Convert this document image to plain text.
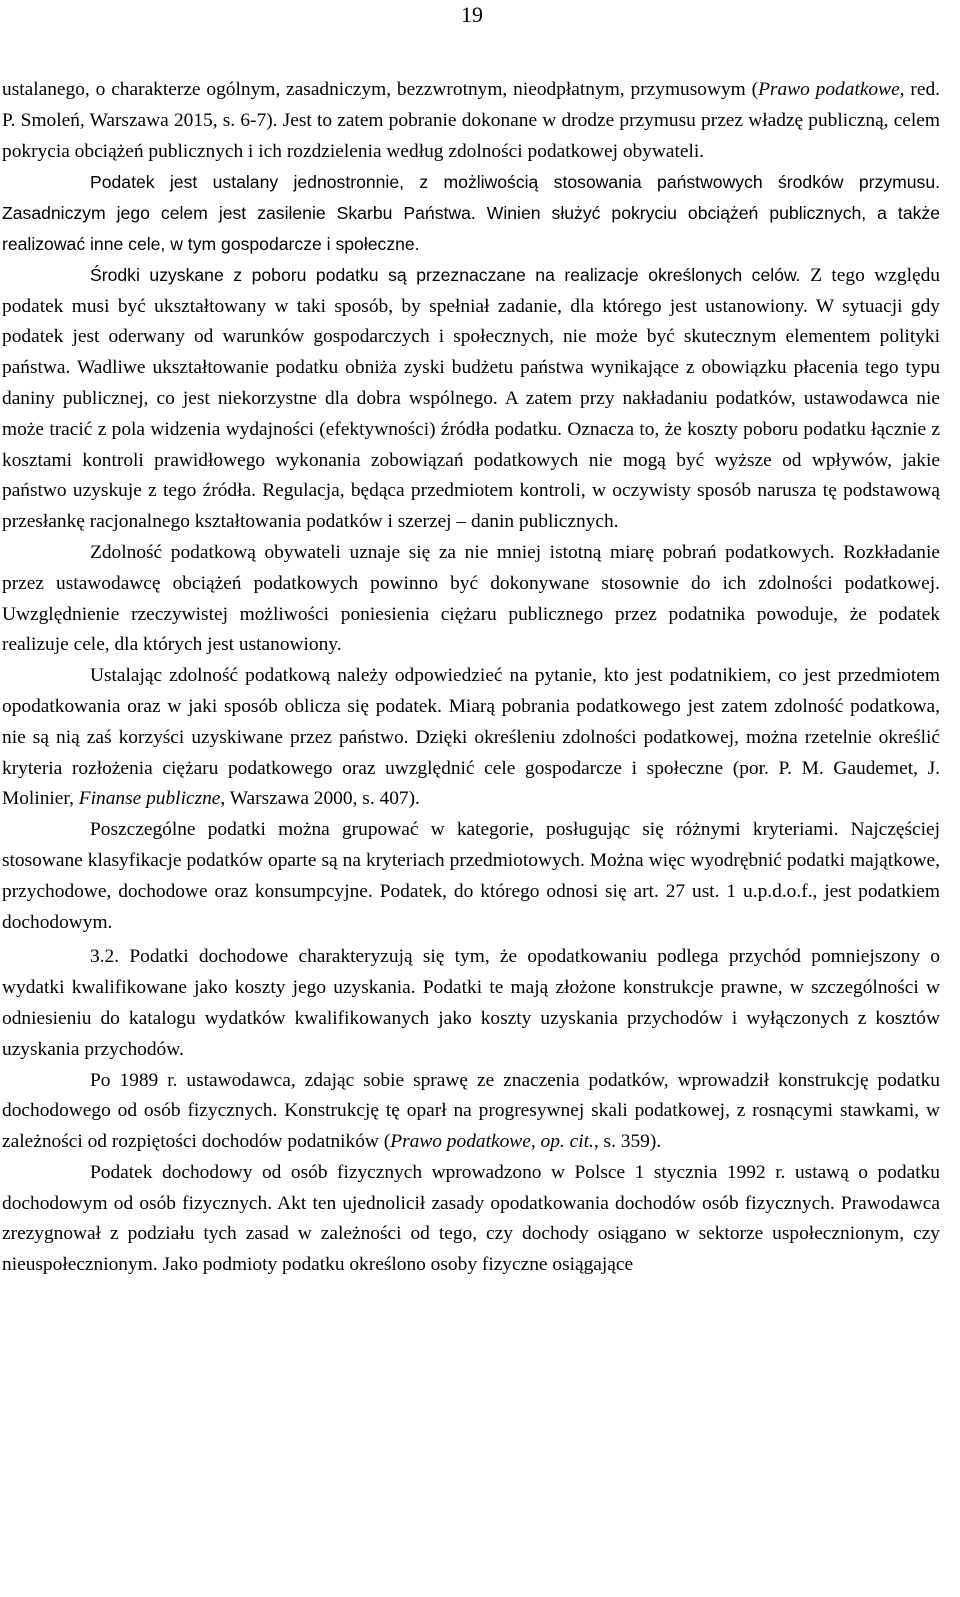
19

ustalanego, o charakterze ogólnym, zasadniczym, bezzwrotnym, nieodpłatnym, przymusowym (Prawo podatkowe, red. P. Smoleń, Warszawa 2015, s. 6-7). Jest to zatem pobranie dokonane w drodze przymusu przez władzę publiczną, celem pokrycia obciążeń publicznych i ich rozdzielenia według zdolności podatkowej obywateli.

Podatek jest ustalany jednostronnie, z możliwością stosowania państwowych środków przymusu. Zasadniczym jego celem jest zasilenie Skarbu Państwa. Winien służyć pokryciu obciążeń publicznych, a także realizować inne cele, w tym gospodarcze i społeczne.

Środki uzyskane z poboru podatku są przeznaczane na realizacje określonych celów. Z tego względu podatek musi być ukształtowany w taki sposób, by spełniał zadanie, dla którego jest ustanowiony. W sytuacji gdy podatek jest oderwany od warunków gospodarczych i społecznych, nie może być skutecznym elementem polityki państwa. Wadliwe ukształtowanie podatku obniża zyski budżetu państwa wynikające z obowiązku płacenia tego typu daniny publicznej, co jest niekorzystne dla dobra wspólnego. A zatem przy nakładaniu podatków, ustawodawca nie może tracić z pola widzenia wydajności (efektywności) źródła podatku. Oznacza to, że koszty poboru podatku łącznie z kosztami kontroli prawidłowego wykonania zobowiązań podatkowych nie mogą być wyższe od wpływów, jakie państwo uzyskuje z tego źródła. Regulacja, będąca przedmiotem kontroli, w oczywisty sposób narusza tę podstawową przesłankę racjonalnego kształtowania podatków i szerzej – danin publicznych.

Zdolność podatkową obywateli uznaje się za nie mniej istotną miarę pobrań podatkowych. Rozkładanie przez ustawodawcę obciążeń podatkowych powinno być dokonywane stosownie do ich zdolności podatkowej. Uwzględnienie rzeczywistej możliwości poniesienia ciężaru publicznego przez podatnika powoduje, że podatek realizuje cele, dla których jest ustanowiony.

Ustalając zdolność podatkową należy odpowiedzieć na pytanie, kto jest podatnikiem, co jest przedmiotem opodatkowania oraz w jaki sposób oblicza się podatek. Miarą pobrania podatkowego jest zatem zdolność podatkowa, nie są nią zaś korzyści uzyskiwane przez państwo. Dzięki określeniu zdolności podatkowej, można rzetelnie określić kryteria rozłożenia ciężaru podatkowego oraz uwzględnić cele gospodarcze i społeczne (por. P. M. Gaudemet, J. Molinier, Finanse publiczne, Warszawa 2000, s. 407).

Poszczególne podatki można grupować w kategorie, posługując się różnymi kryteriami. Najczęściej stosowane klasyfikacje podatków oparte są na kryteriach przedmiotowych. Można więc wyodrębnić podatki majątkowe, przychodowe, dochodowe oraz konsumpcyjne. Podatek, do którego odnosi się art. 27 ust. 1 u.p.d.o.f., jest podatkiem dochodowym.

3.2. Podatki dochodowe charakteryzują się tym, że opodatkowaniu podlega przychód pomniejszony o wydatki kwalifikowane jako koszty jego uzyskania. Podatki te mają złożone konstrukcje prawne, w szczególności w odniesieniu do katalogu wydatków kwalifikowanych jako koszty uzyskania przychodów i wyłączonych z kosztów uzyskania przychodów.

Po 1989 r. ustawodawca, zdając sobie sprawę ze znaczenia podatków, wprowadził konstrukcję podatku dochodowego od osób fizycznych. Konstrukcję tę oparł na progresywnej skali podatkowej, z rosnącymi stawkami, w zależności od rozpiętości dochodów podatników (Prawo podatkowe, op. cit., s. 359).

Podatek dochodowy od osób fizycznych wprowadzono w Polsce 1 stycznia 1992 r. ustawą o podatku dochodowym od osób fizycznych. Akt ten ujednolicił zasady opodatkowania dochodów osób fizycznych. Prawodawca zrezygnował z podziału tych zasad w zależności od tego, czy dochody osiągano w sektorze uspołecznionym, czy nieuspołecznionym. Jako podmioty podatku określono osoby fizyczne osiągające
